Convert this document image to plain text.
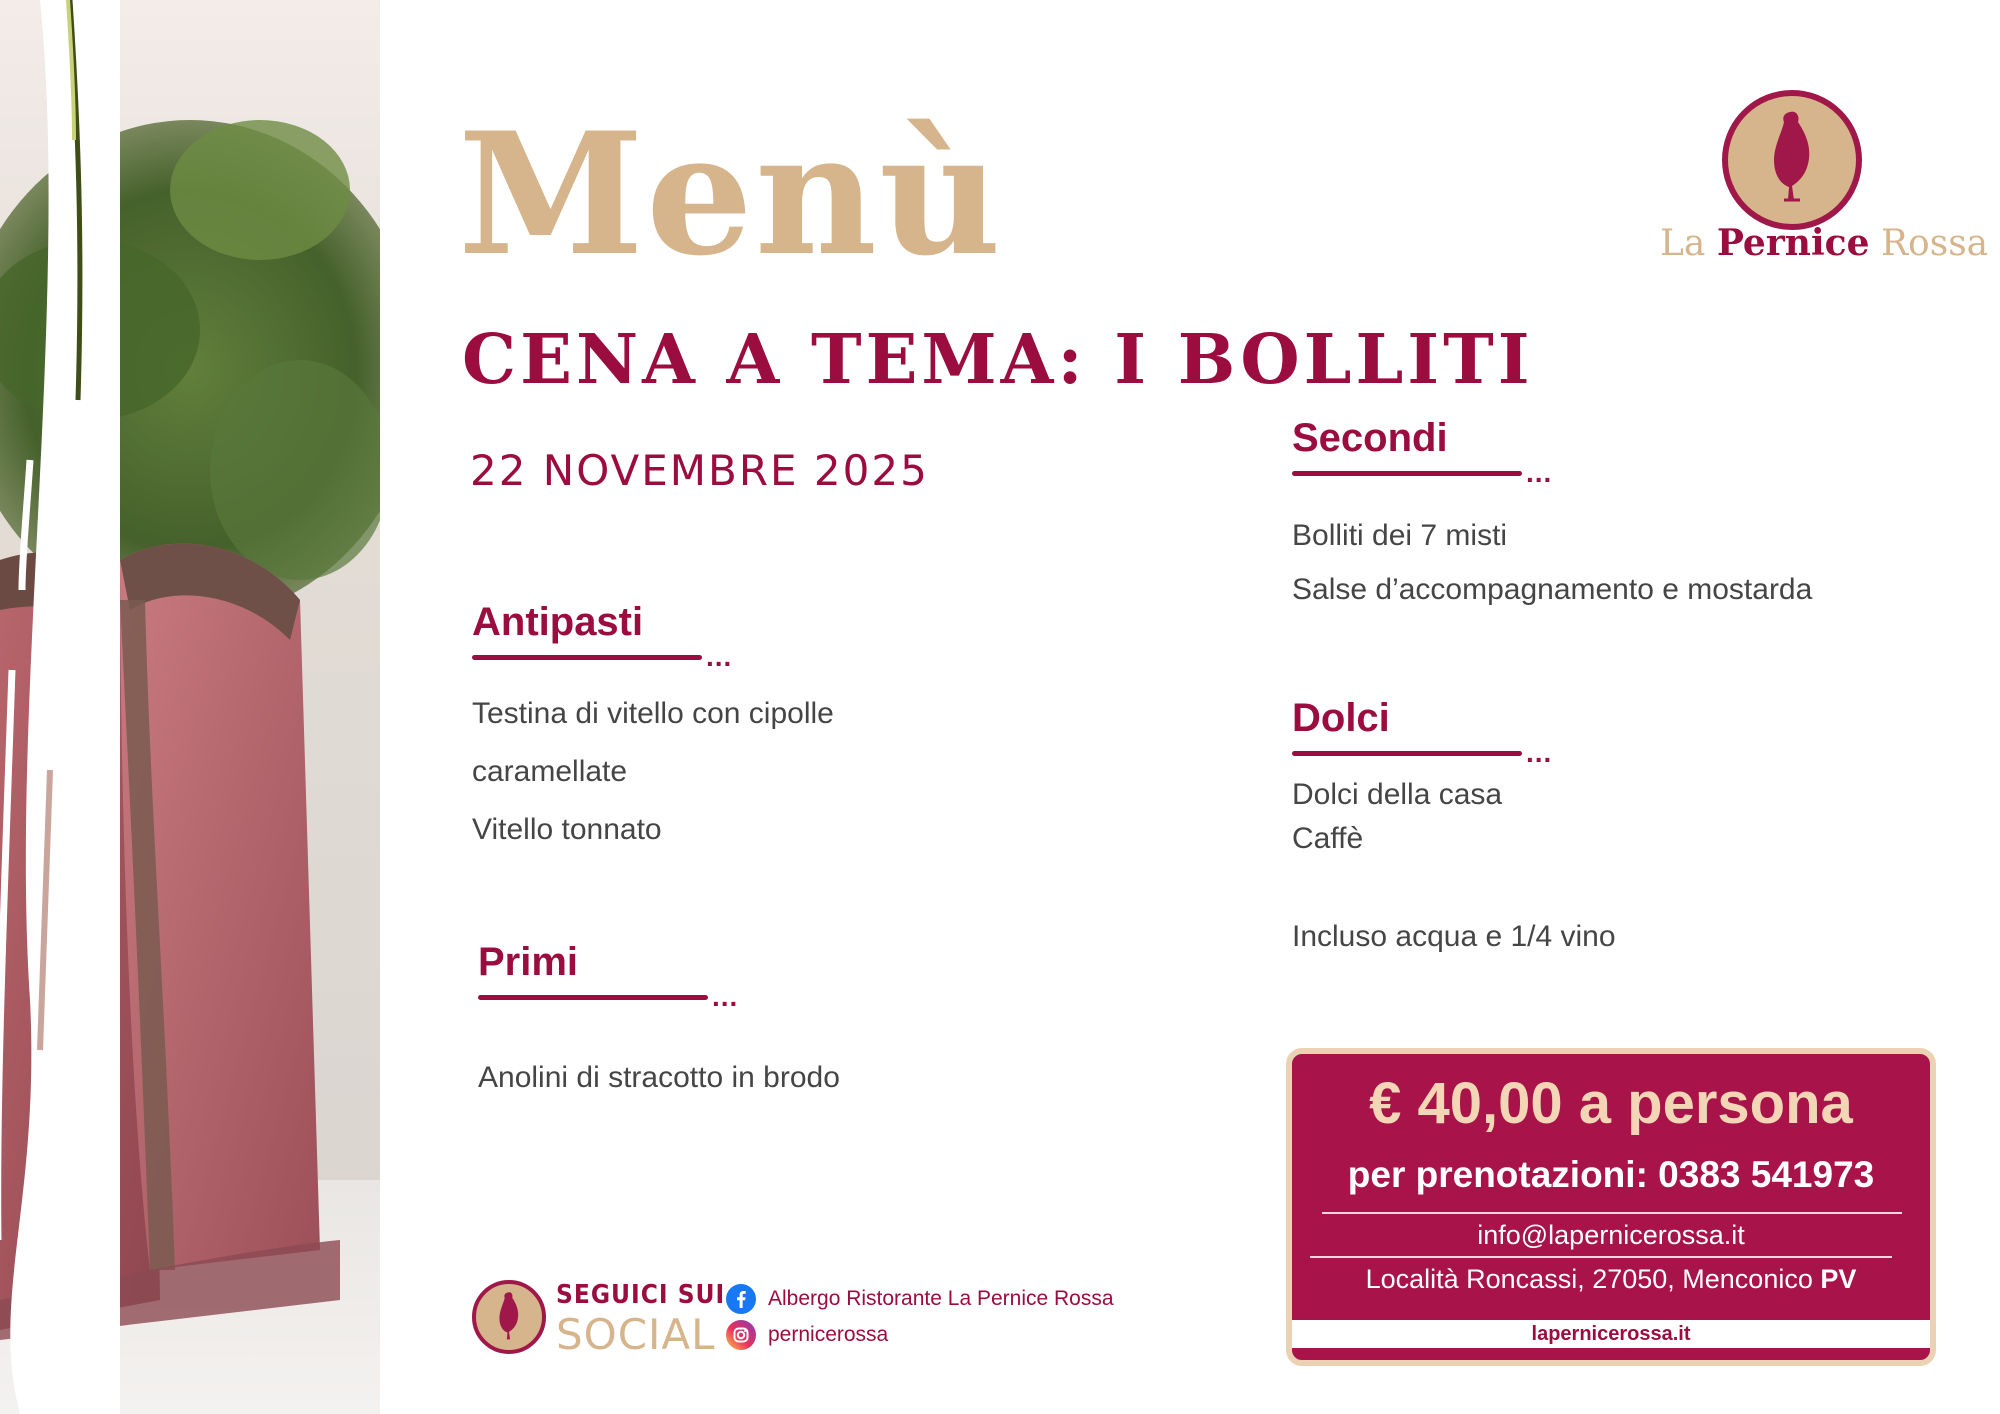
Menù
CENA A TEMA: I BOLLITI
22 NOVEMBRE 2025
La Pernice Rossa
Antipasti
...

Testina di vitello con cipolle

caramellate

Vitello tonnato

Primi
...

Anolini di stracotto in brodo

Secondi
...

Bolliti dei 7 misti

Salse d’accompagnamento e mostarda

Dolci
...

Dolci della casa

Caffè

Incluso acqua e 1/4 vino
€ 40,00 a persona
per prenotazioni: 0383 541973
info@lapernicerossa.it
Località Roncassi, 27050, Menconico PV
lapernicerossa.it
SEGUICI SUI
SOCIAL
Albergo Ristorante La Pernice Rossa
pernicerossa
